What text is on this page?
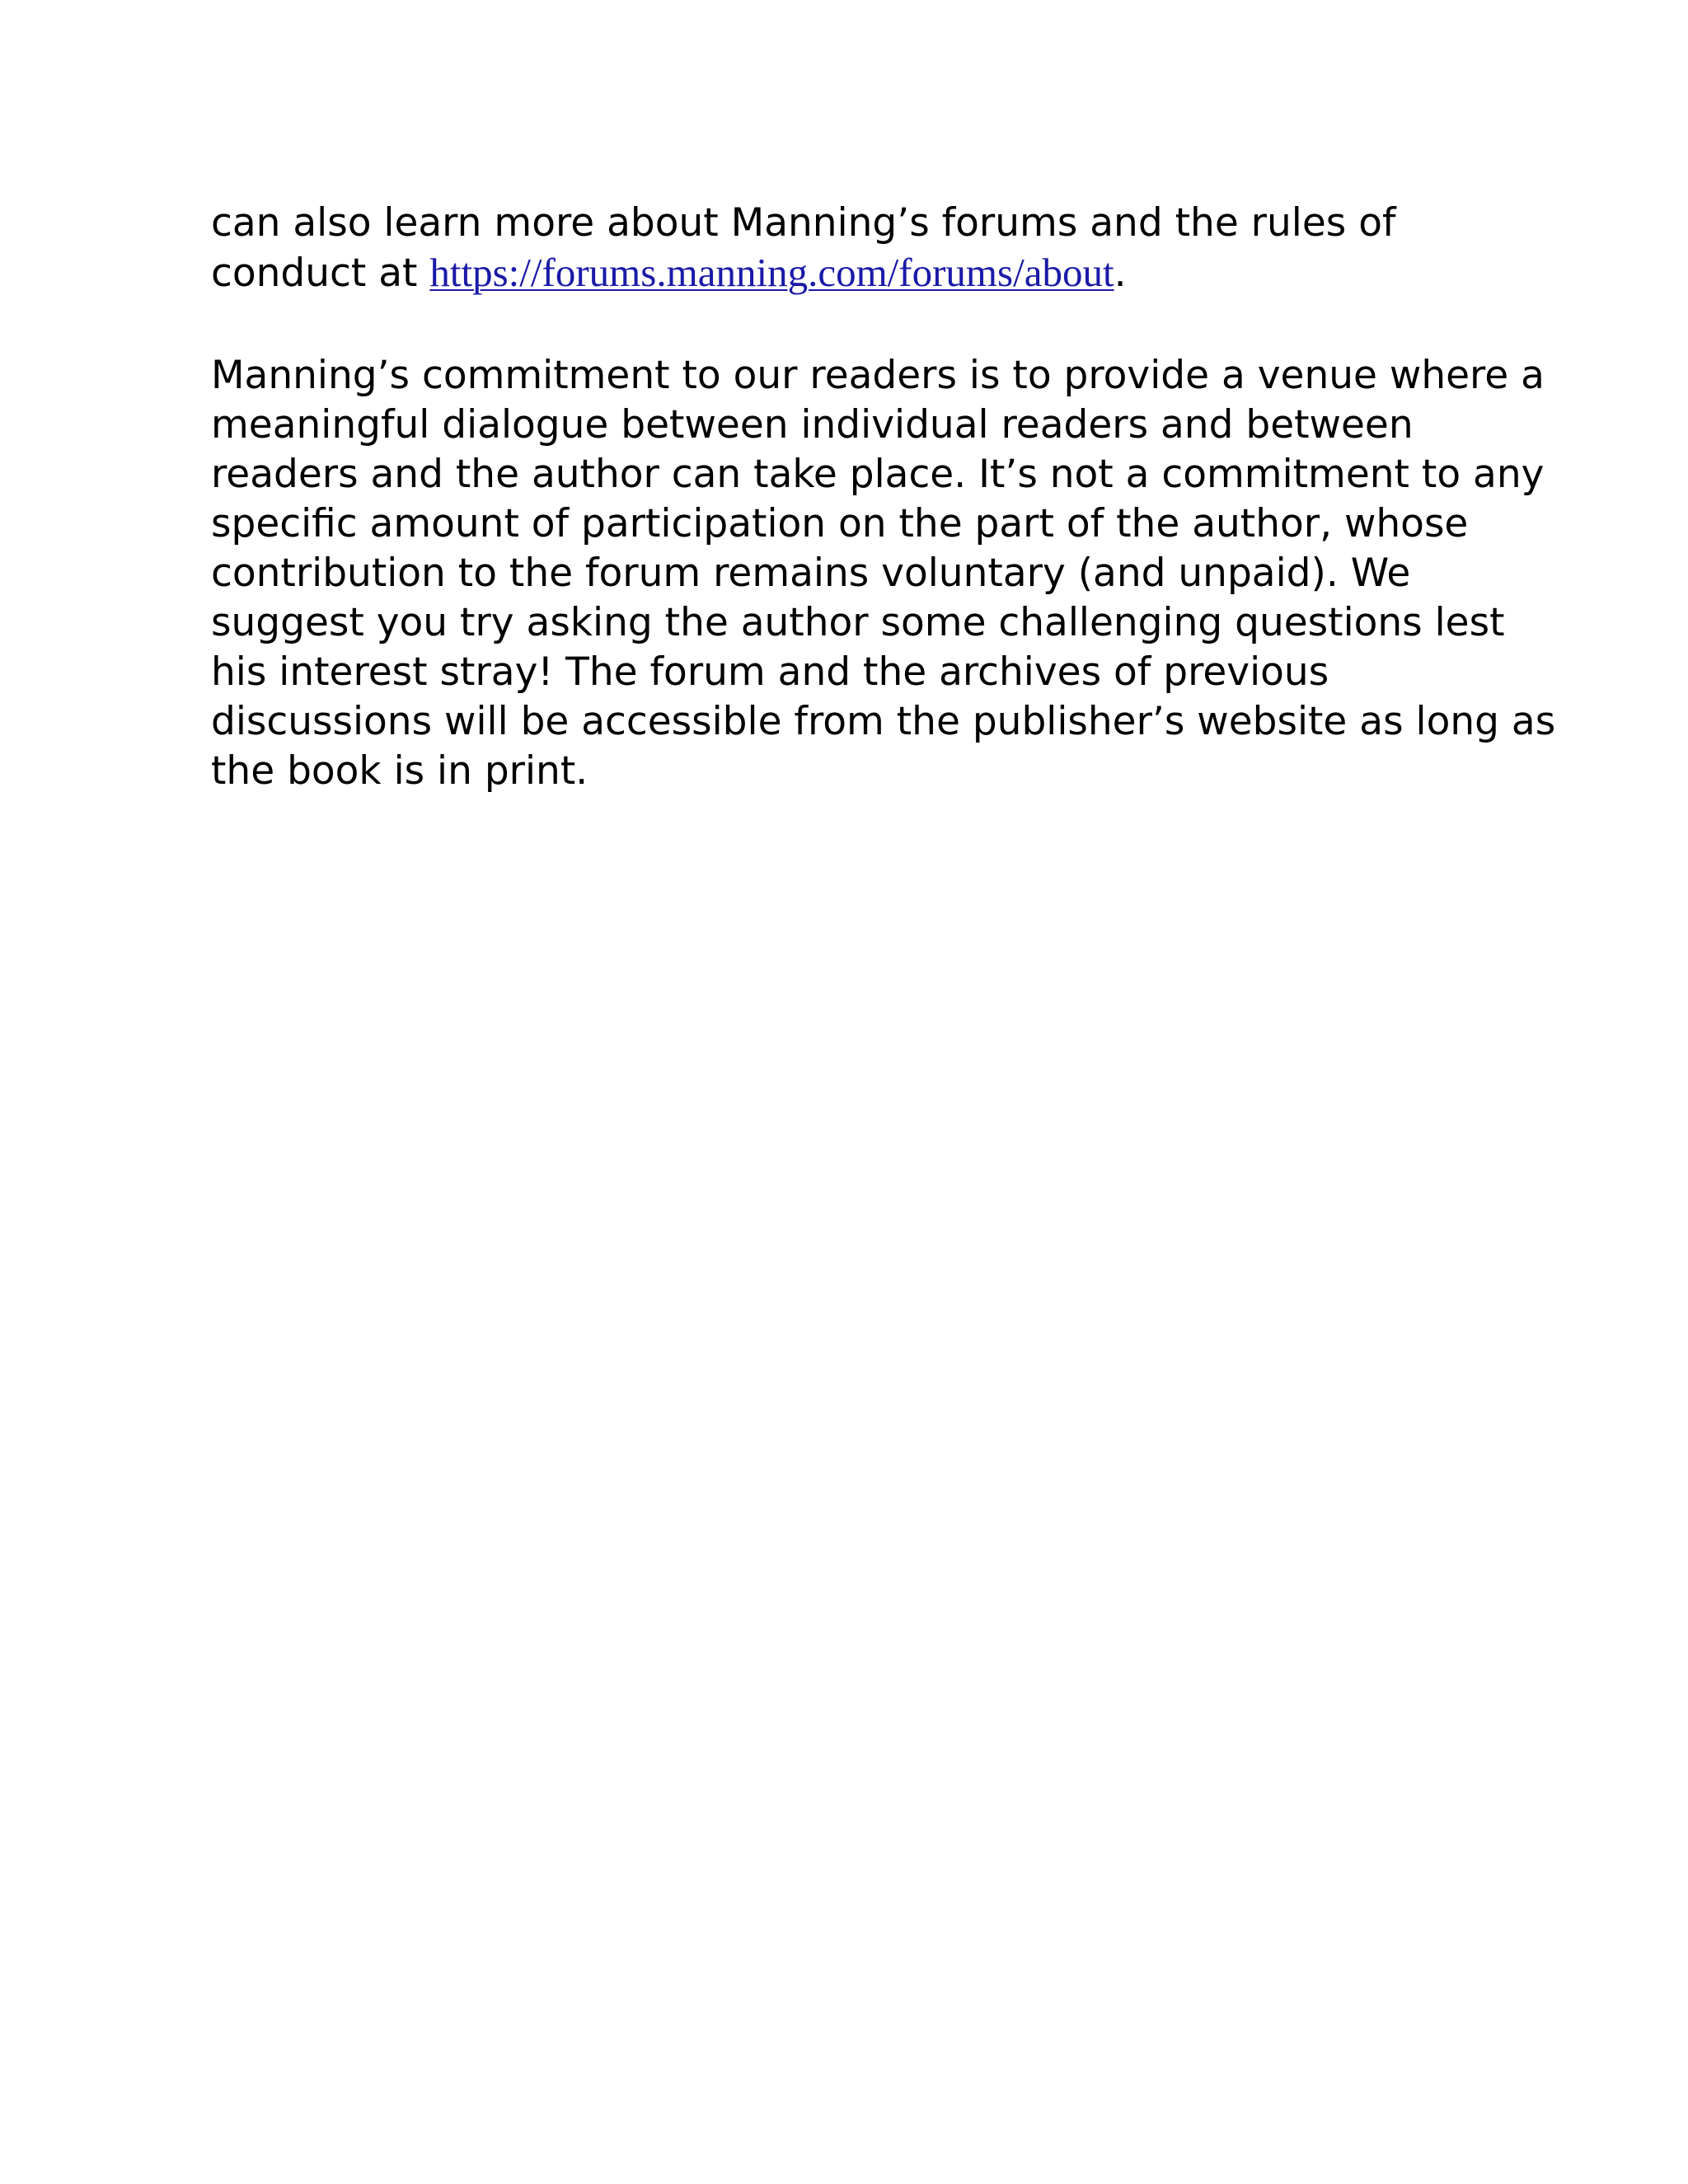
can also learn more about Manning’s forums and the rules of
conduct at https://forums.manning.com/forums/about.
Manning’s commitment to our readers is to provide a venue where a
meaningful dialogue between individual readers and between
readers and the author can take place. It’s not a commitment to any
specific amount of participation on the part of the author, whose
contribution to the forum remains voluntary (and unpaid). We
suggest you try asking the author some challenging questions lest
his interest stray! The forum and the archives of previous
discussions will be accessible from the publisher’s website as long as
the book is in print.
